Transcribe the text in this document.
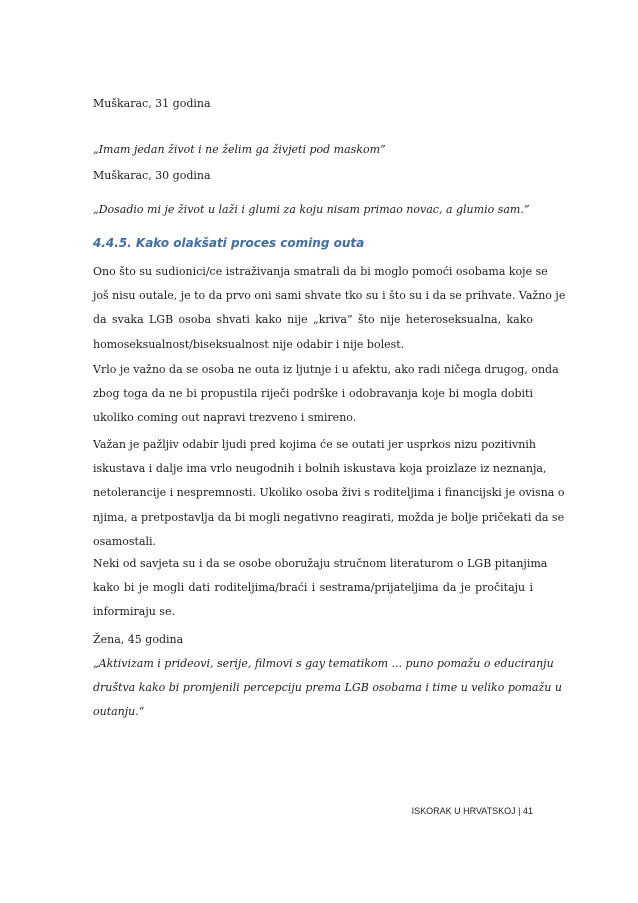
Muškarac, 31 godina

„Imam jedan život i ne želim ga živjeti pod maskom”

Muškarac, 30 godina

„Dosadio mi je život u laži i glumi za koju nisam primao novac, a glumio sam.”

4.4.5. Kako olakšati proces coming outa

Ono što su sudionici/ce istraživanja smatrali da bi moglo pomoći osobama koje se
još nisu outale, je to da prvo oni sami shvate tko su i što su i da se prihvate. Važno je
da svaka LGB osoba shvati kako nije „kriva“ što nije heteroseksualna, kako
homoseksualnost/biseksualnost nije odabir i nije bolest.

Vrlo je važno da se osoba ne outa iz ljutnje i u afektu, ako radi ničega drugog, onda
zbog toga da ne bi propustila riječi podrške i odobravanja koje bi mogla dobiti
ukoliko coming out napravi trezveno i smireno.

Važan je pažljiv odabir ljudi pred kojima će se outati jer usprkos nizu pozitivnih
iskustava i dalje ima vrlo neugodnih i bolnih iskustava koja proizlaze iz neznanja,
netolerancije i nespremnosti. Ukoliko osoba živi s roditeljima i financijski je ovisna o
njima, a pretpostavlja da bi mogli negativno reagirati, možda je bolje pričekati da se
osamostali.

Neki od savjeta su i da se osobe oboružaju stručnom literaturom o LGB pitanjima
kako bi je mogli dati roditeljima/braći i sestrama/prijateljima da je pročitaju i
informiraju se.

Žena, 45 godina

„Aktivizam i prideovi, serije, filmovi s gay tematikom ... puno pomažu o educiranju
društva kako bi promjenili percepciju prema LGB osobama i time u veliko pomažu u
outanju.“

ISKORAK U HRVATSKOJ | 41
